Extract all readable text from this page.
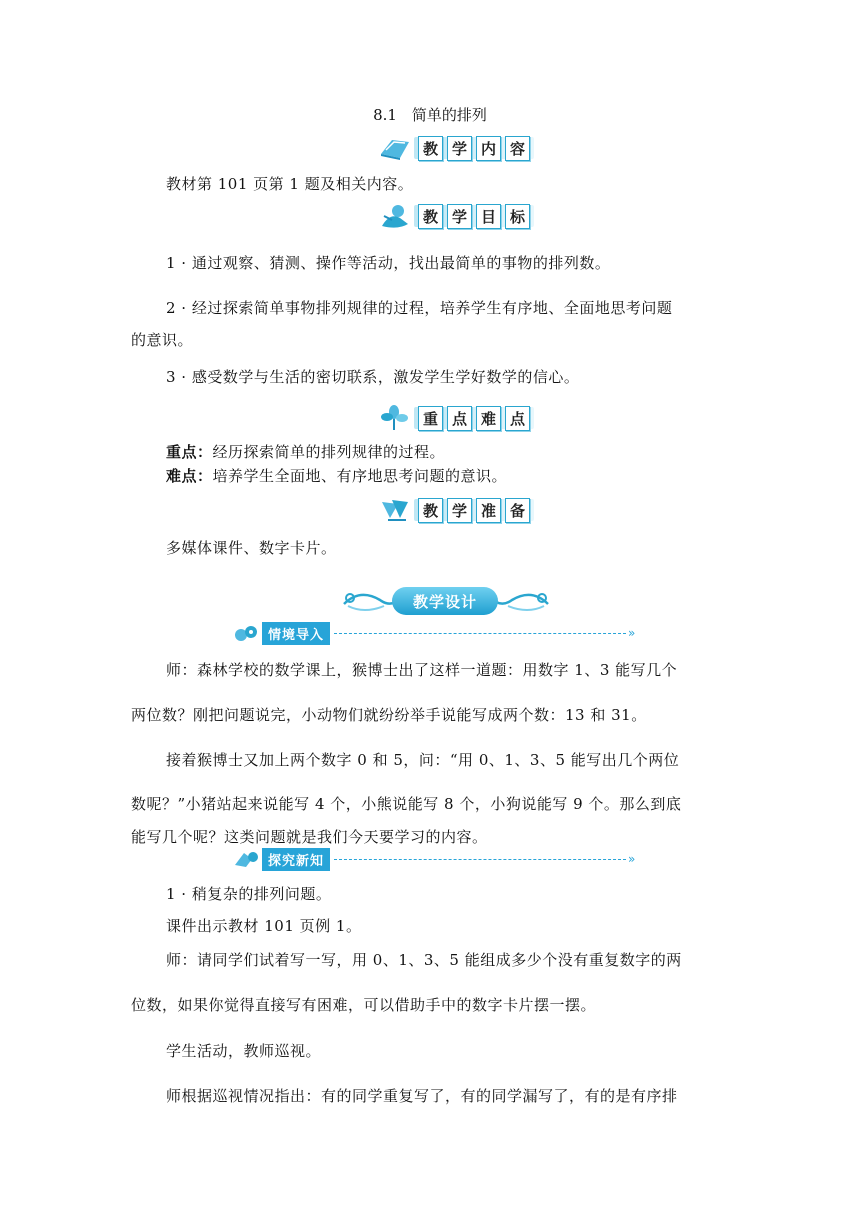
8.1　简单的排列
教 学 内 容
教材第 101 页第 1 题及相关内容。
教 学 目 标
1 · 通过观察、猜测、操作等活动，找出最简单的事物的排列数。
2 · 经过探索简单事物排列规律的过程，培养学生有序地、全面地思考问题
的意识。
3 · 感受数学与生活的密切联系，激发学生学好数学的信心。
重 点 难 点
重点：经历探索简单的排列规律的过程。
难点：培养学生全面地、有序地思考问题的意识。
教 学 准 备
多媒体课件、数字卡片。
教学设计
情境导入	»
师：森林学校的数学课上，猴博士出了这样一道题：用数字 1、3 能写几个
两位数？刚把问题说完，小动物们就纷纷举手说能写成两个数：13 和 31。
接着猴博士又加上两个数字 0 和 5，问：“用 0、1、3、5 能写出几个两位
数呢？”小猪站起来说能写 4 个，小熊说能写 8 个，小狗说能写 9 个。那么到底
能写几个呢？这类问题就是我们今天要学习的内容。
探究新知	»
1 · 稍复杂的排列问题。
课件出示教材 101 页例 1。
师：请同学们试着写一写，用 0、1、3、5 能组成多少个没有重复数字的两
位数，如果你觉得直接写有困难，可以借助手中的数字卡片摆一摆。
学生活动，教师巡视。
师根据巡视情况指出：有的同学重复写了，有的同学漏写了，有的是有序排
